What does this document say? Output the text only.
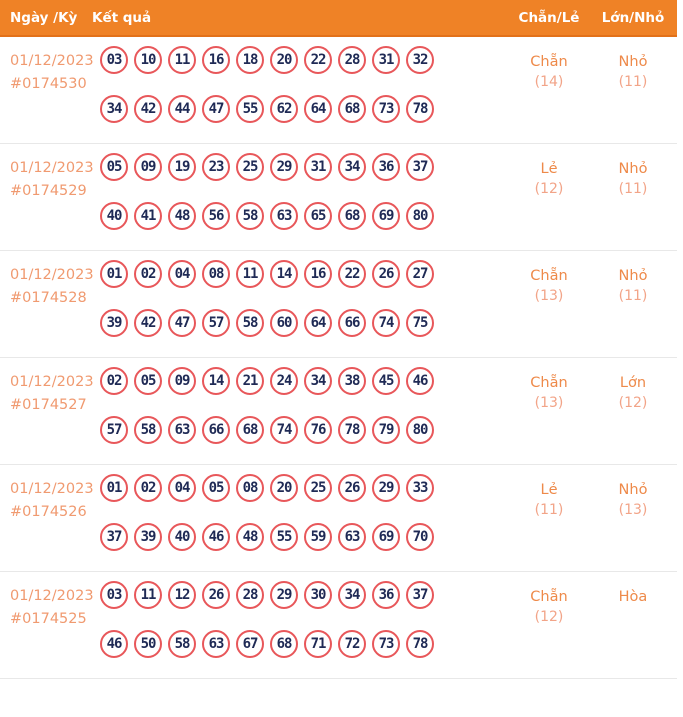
Ngày /Kỳ	Kết quả	Chẵn/Lẻ	Lớn/Nhỏ
01/12/2023
#0174530
03	10	11	16	18	20	22	28	31	32
34	42	44	47	55	62	64	68	73	78
Chẵn
(14)
Nhỏ
(11)
01/12/2023
#0174529
05	09	19	23	25	29	31	34	36	37
40	41	48	56	58	63	65	68	69	80
Lẻ
(12)
Nhỏ
(11)
01/12/2023
#0174528
01	02	04	08	11	14	16	22	26	27
39	42	47	57	58	60	64	66	74	75
Chẵn
(13)
Nhỏ
(11)
01/12/2023
#0174527
02	05	09	14	21	24	34	38	45	46
57	58	63	66	68	74	76	78	79	80
Chẵn
(13)
Lớn
(12)
01/12/2023
#0174526
01	02	04	05	08	20	25	26	29	33
37	39	40	46	48	55	59	63	69	70
Lẻ
(11)
Nhỏ
(13)
01/12/2023
#0174525
03	11	12	26	28	29	30	34	36	37
46	50	58	63	67	68	71	72	73	78
Chẵn
(12)
Hòa
